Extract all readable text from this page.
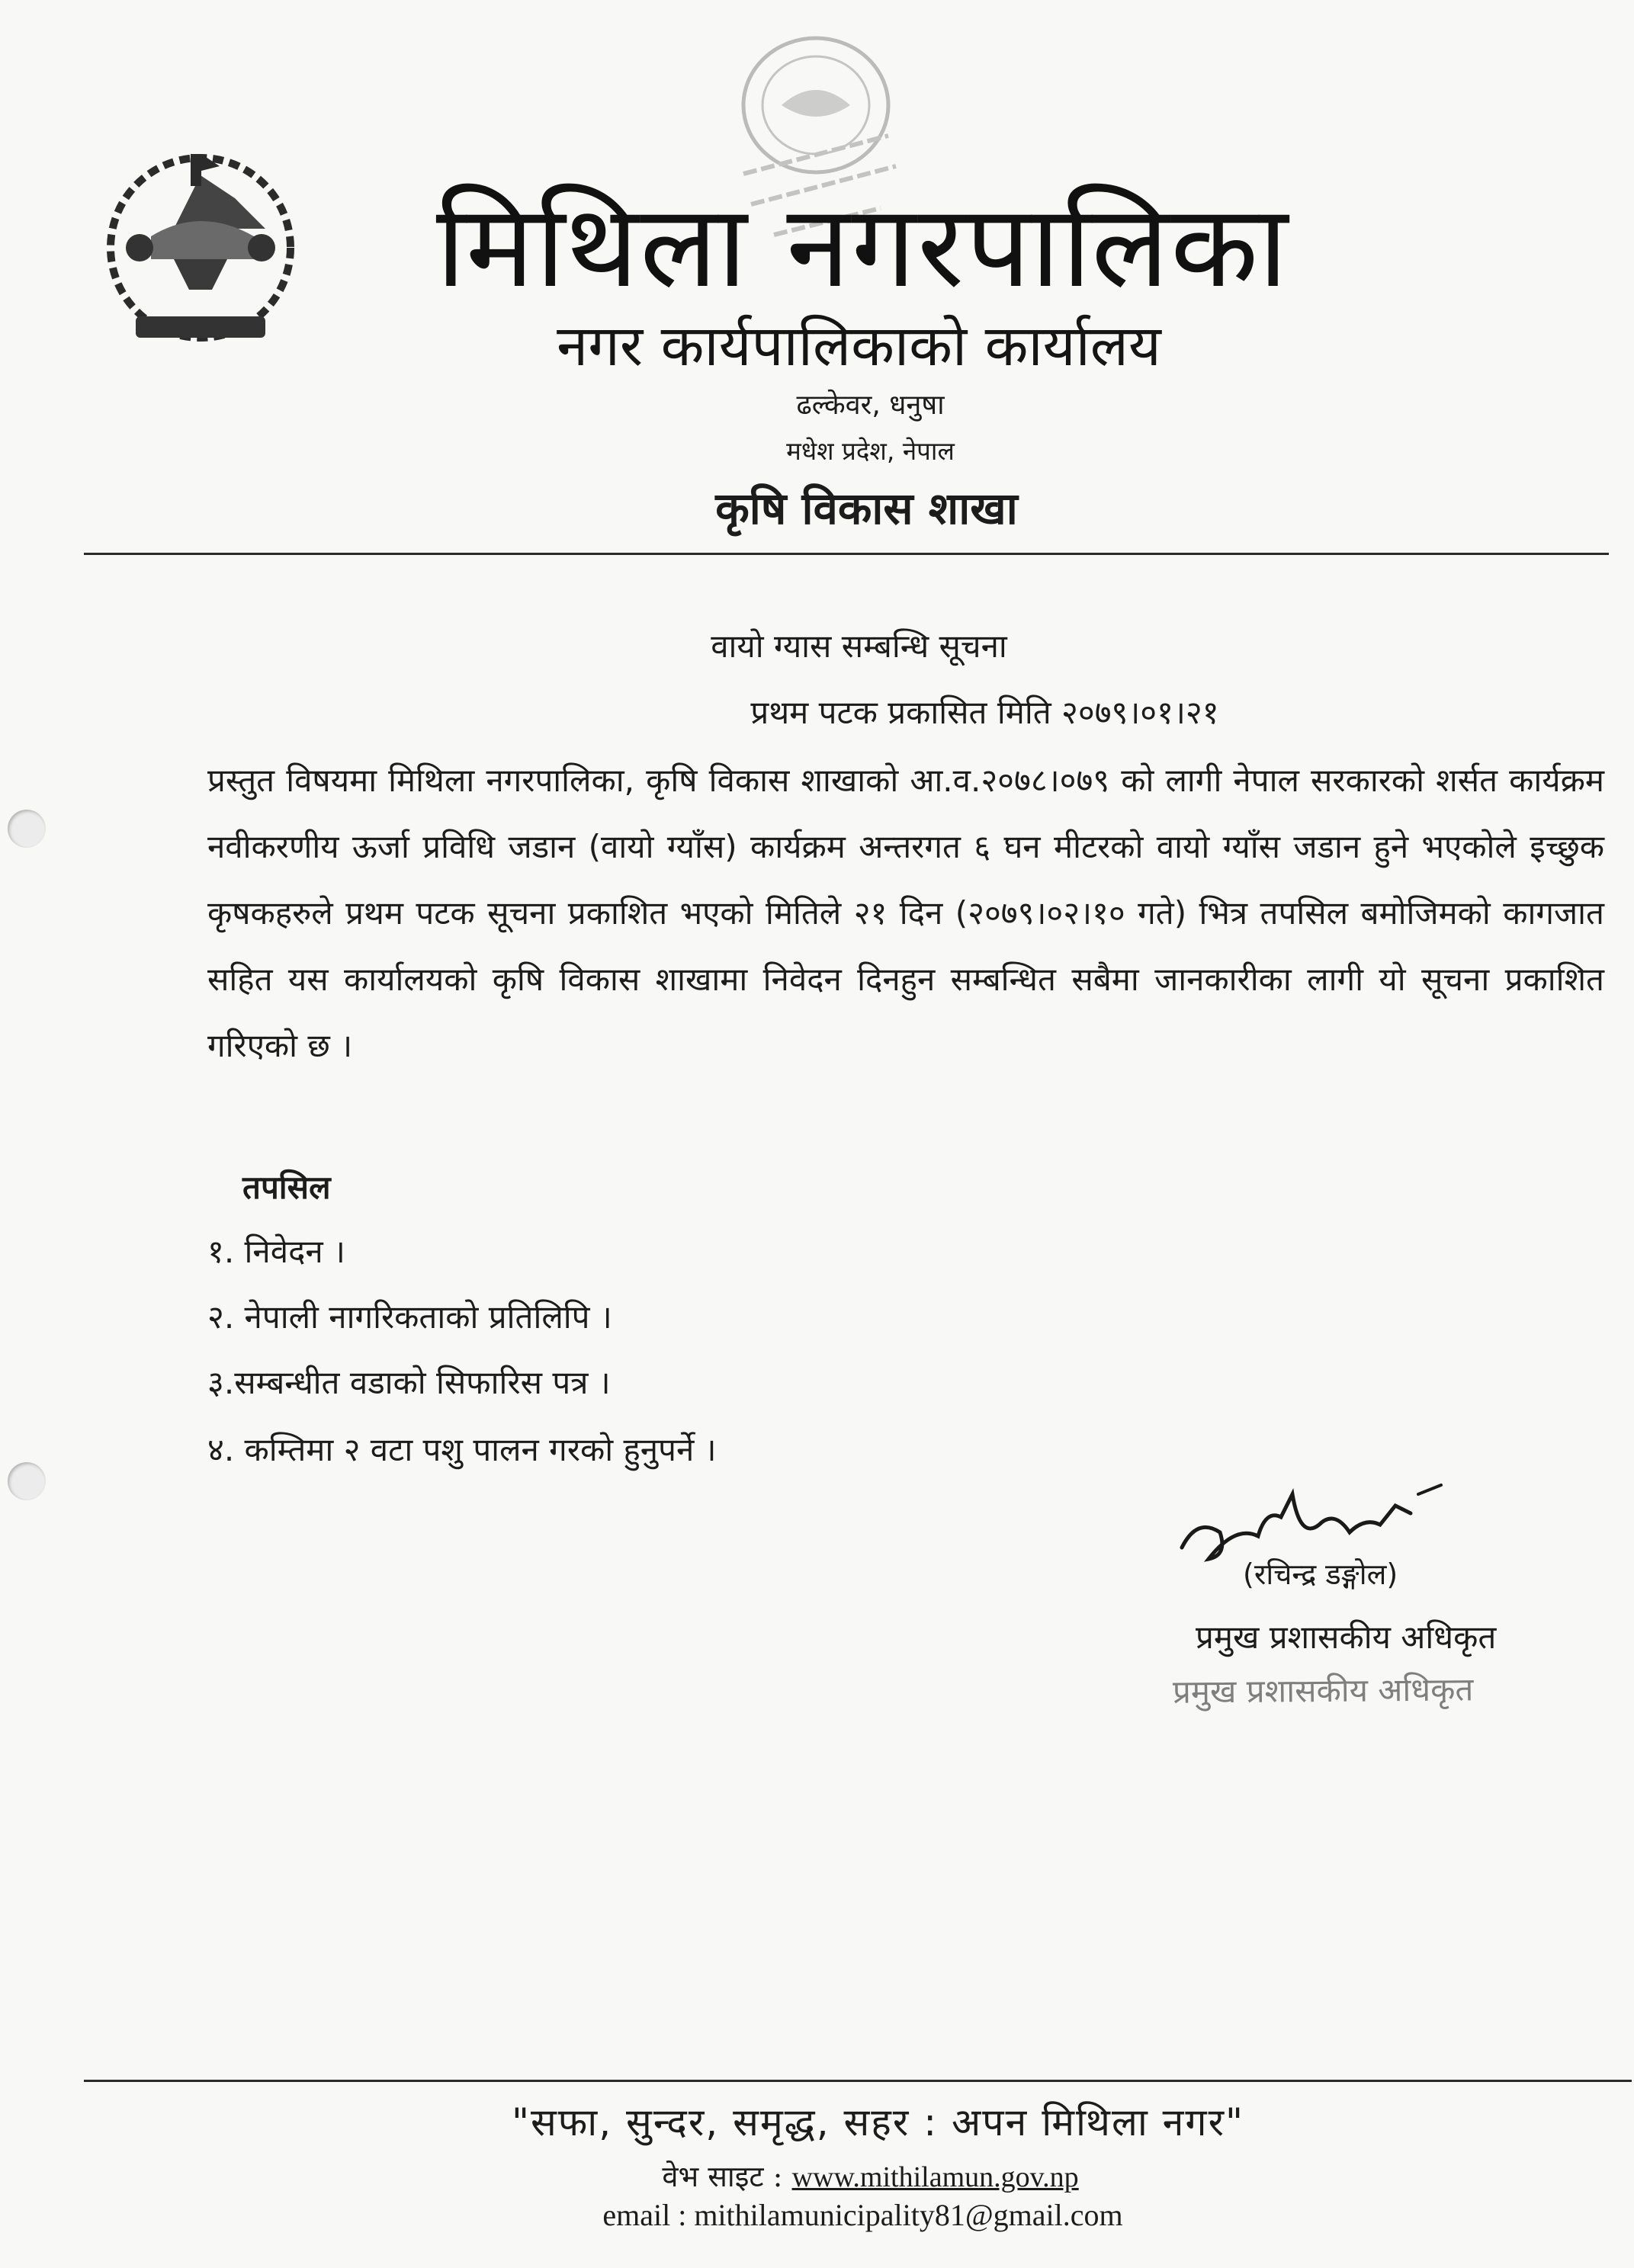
मिथिला नगरपालिका
नगर कार्यपालिकाको कार्यालय
ढल्केवर, धनुषा
मधेश प्रदेश, नेपाल
कृषि विकास शाखा
वायो ग्यास सम्बन्धि सूचना
प्रथम पटक प्रकासित मिति २०७९।०१।२१
प्रस्तुत विषयमा मिथिला नगरपालिका, कृषि विकास शाखाको आ.व.२०७८।०७९ को लागी नेपाल सरकारको शर्सत कार्यक्रम नवीकरणीय ऊर्जा प्रविधि जडान (वायो ग्याँस) कार्यक्रम अन्तरगत ६ घन मीटरको वायो ग्याँस जडान हुने भएकोले इच्छुक कृषकहरुले प्रथम पटक सूचना प्रकाशित भएको मितिले २१ दिन (२०७९।०२।१० गते) भित्र तपसिल बमोजिमको कागजात सहित यस कार्यालयको कृषि विकास शाखामा निवेदन दिनहुन सम्बन्धित सबैमा जानकारीका लागी यो सूचना प्रकाशित गरिएको छ ।
तपसिल
१. निवेदन ।
२. नेपाली नागरिकताको प्रतिलिपि ।
३.सम्बन्धीत वडाको सिफारिस पत्र ।
४. कम्तिमा २ वटा पशु पालन गरको हुनुपर्ने ।
(रचिन्द्र डङ्गोल)
प्रमुख प्रशासकीय अधिकृत
प्रमुख प्रशासकीय अधिकृत
"सफा, सुन्दर, समृद्ध, सहर : अपन मिथिला नगर"
वेभ साइट : www.mithilamun.gov.np
email : mithilamunicipality81@gmail.com
